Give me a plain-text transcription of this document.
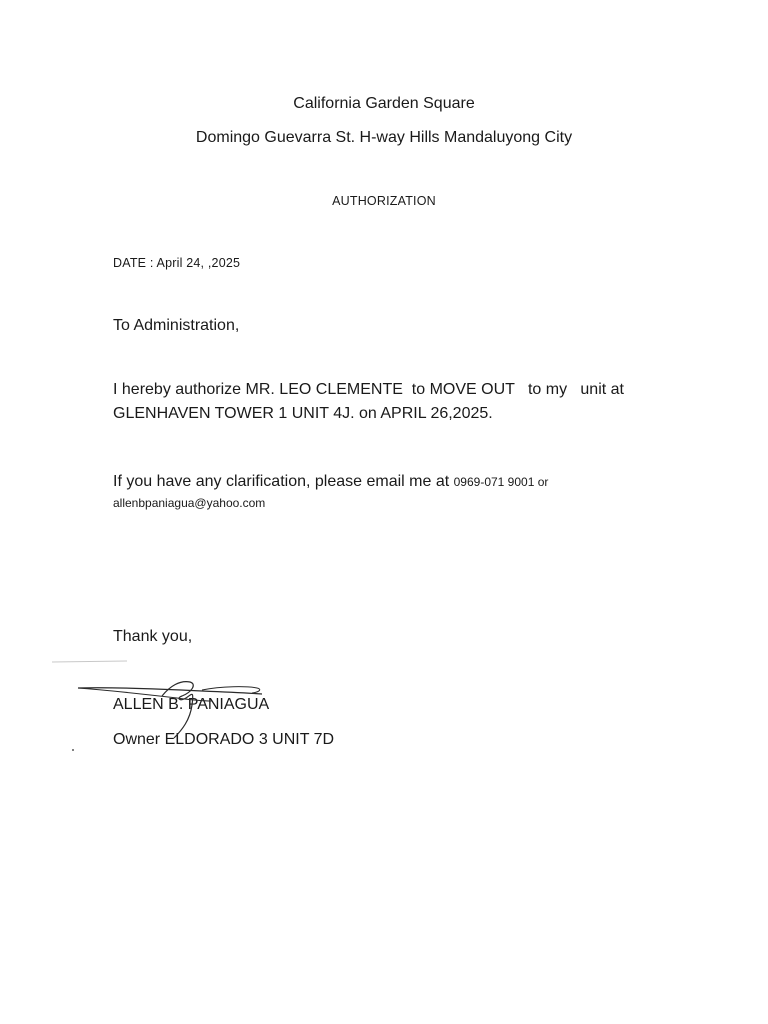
California Garden Square
Domingo Guevarra St. H-way Hills Mandaluyong City
AUTHORIZATION
DATE : April 24, ,2025
To Administration,
I hereby authorize MR. LEO CLEMENTE  to MOVE OUT   to my   unit at
GLENHAVEN TOWER 1 UNIT 4J. on APRIL 26,2025.
If you have any clarification, please email me at 0969-071 9001 or
allenbpaniagua@yahoo.com
Thank you,
ALLEN B. PANIAGUA
Owner ELDORADO 3 UNIT 7D
